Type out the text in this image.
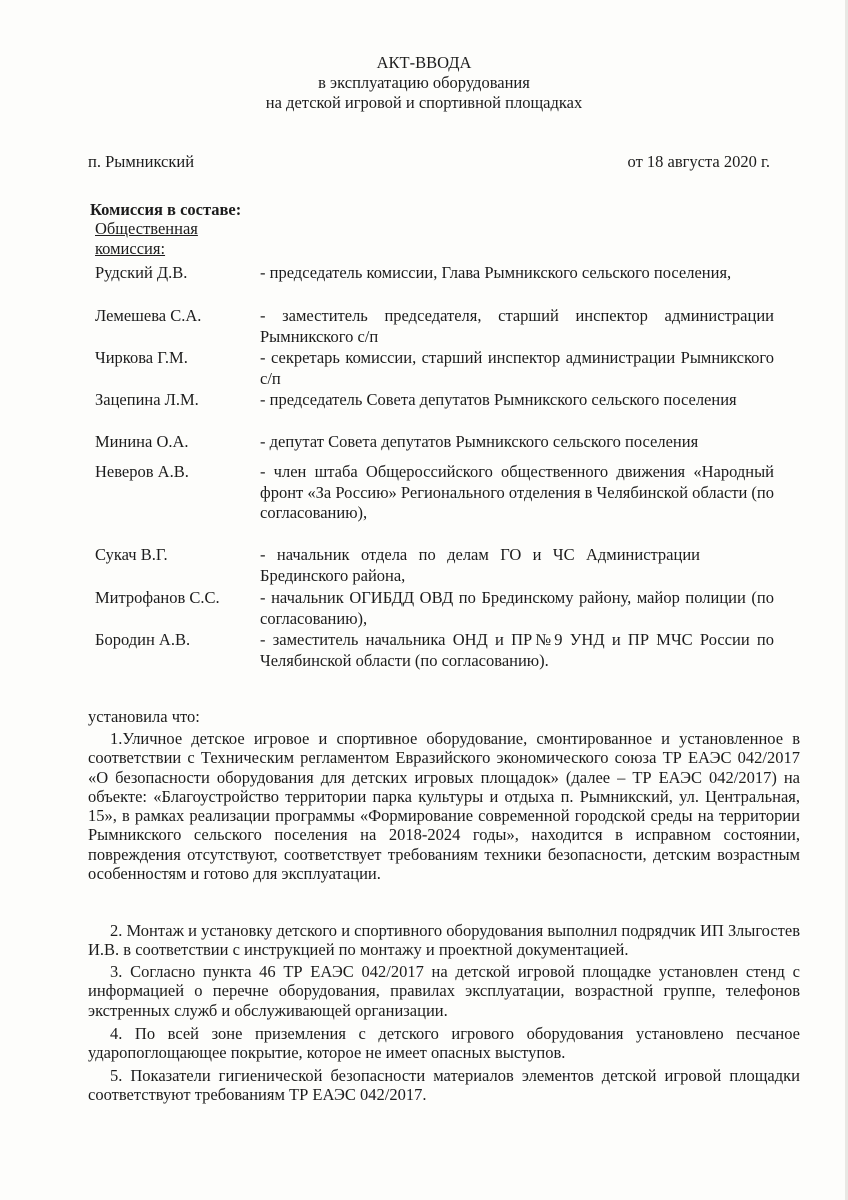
АКТ-ВВОДА
в эксплуатацию оборудования
на детской игровой и спортивной площадках
п. Рымникский	от 18 августа 2020 г.
Комиссия в составе:
Общественная комиссия:
Рудский Д.В.	- председатель комиссии, Глава Рымникского сельского поселения,
Лемешева С.А.	- заместитель председателя, старший инспектор администрации Рымникского с/п
Чиркова Г.М.	- секретарь комиссии, старший инспектор администрации Рымникского с/п
Зацепина Л.М.	- председатель Совета депутатов Рымникского сельского поселения
Минина О.А.	- депутат Совета депутатов Рымникского сельского поселения
Неверов А.В.	- член штаба Общероссийского общественного движения «Народный фронт «За Россию» Регионального отделения в Челябинской области (по согласованию),
Сукач В.Г.	- начальник отдела по делам ГО и ЧС Администрации Брединского района,
Митрофанов С.С. - начальник ОГИБДД ОВД по Брединскому району, майор полиции (по согласованию),
Бородин А.В.	- заместитель начальника ОНД и ПР№9 УНД и ПР МЧС России по Челябинской области (по согласованию).
установила что:
1.Уличное детское игровое и спортивное оборудование, смонтированное и установленное в соответствии с Техническим регламентом Евразийского экономического союза ТР ЕАЭС 042/2017 «О безопасности оборудования для детских игровых площадок» (далее – ТР ЕАЭС 042/2017) на объекте: «Благоустройство территории парка культуры и отдыха п. Рымникский, ул. Центральная, 15», в рамках реализации программы «Формирование современной городской среды на территории Рымникского сельского поселения на 2018-2024 годы», находится в исправном состоянии, повреждения отсутствуют, соответствует требованиям техники безопасности, детским возрастным особенностям и готово для эксплуатации.
2. Монтаж и установку детского и спортивного оборудования выполнил подрядчик ИП Злыгостев И.В. в соответствии с инструкцией по монтажу и проектной документацией.
3. Согласно пункта 46 ТР ЕАЭС 042/2017 на детской игровой площадке установлен стенд с информацией о перечне оборудования, правилах эксплуатации, возрастной группе, телефонов экстренных служб и обслуживающей организации.
4. По всей зоне приземления с детского игрового оборудования установлено песчаное ударопоглощающее покрытие, которое не имеет опасных выступов.
5. Показатели гигиенической безопасности материалов элементов детской игровой площадки соответствуют требованиям ТР ЕАЭС 042/2017.
